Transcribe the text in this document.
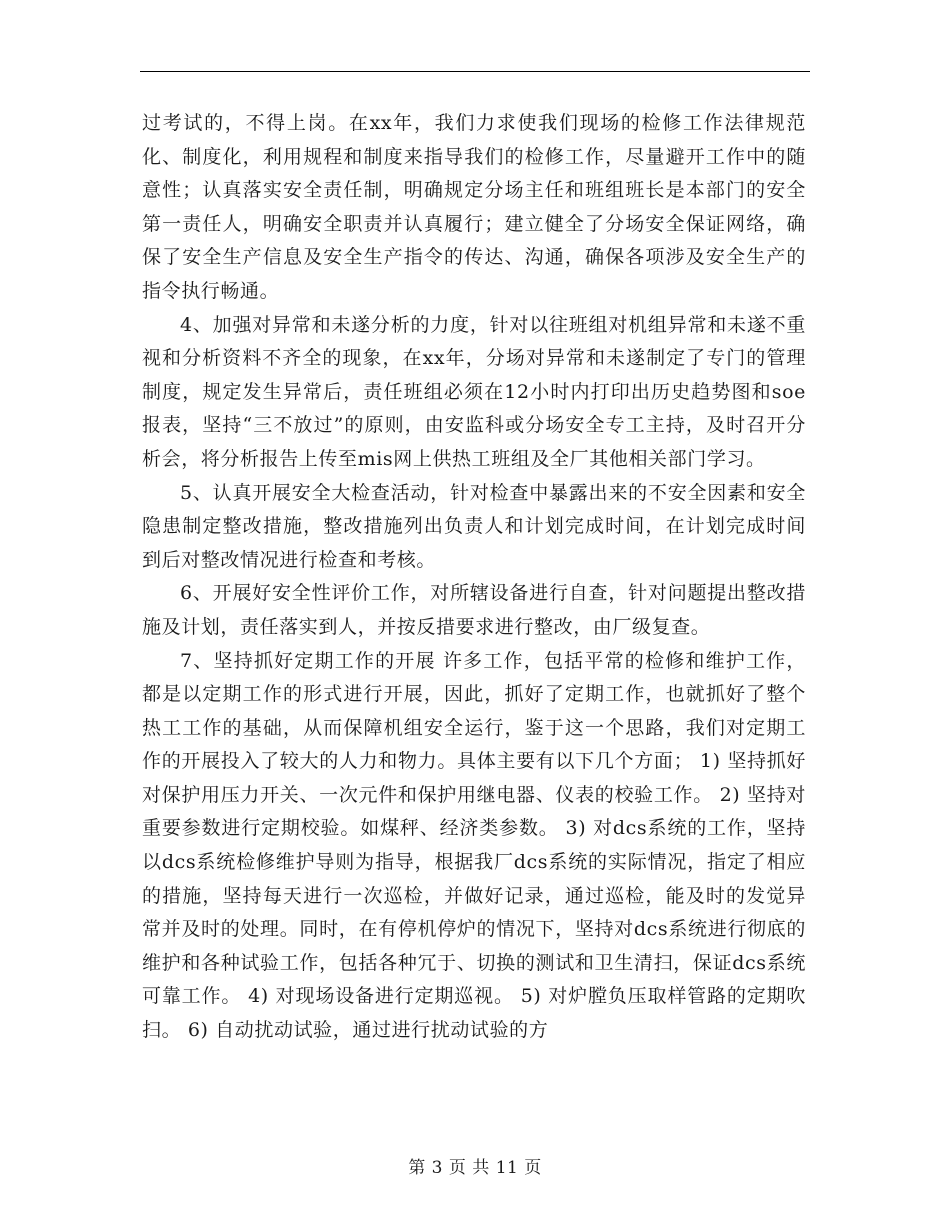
过考试的，不得上岗。在xx年，我们力求使我们现场的检修工作法律规范化、制度化，利用规程和制度来指导我们的检修工作，尽量避开工作中的随意性；认真落实安全责任制，明确规定分场主任和班组班长是本部门的安全第一责任人，明确安全职责并认真履行；建立健全了分场安全保证网络，确保了安全生产信息及安全生产指令的传达、沟通，确保各项涉及安全生产的指令执行畅通。

4、加强对异常和未遂分析的力度，针对以往班组对机组异常和未遂不重视和分析资料不齐全的现象，在xx年，分场对异常和未遂制定了专门的管理制度，规定发生异常后，责任班组必须在12小时内打印出历史趋势图和soe报表，坚持“三不放过”的原则，由安监科或分场安全专工主持，及时召开分析会，将分析报告上传至mis网上供热工班组及全厂其他相关部门学习。

5、认真开展安全大检查活动，针对检查中暴露出来的不安全因素和安全隐患制定整改措施，整改措施列出负责人和计划完成时间，在计划完成时间到后对整改情况进行检查和考核。

6、开展好安全性评价工作，对所辖设备进行自查，针对问题提出整改措施及计划，责任落实到人，并按反措要求进行整改，由厂级复查。

7、坚持抓好定期工作的开展 许多工作，包括平常的检修和维护工作，都是以定期工作的形式进行开展，因此，抓好了定期工作，也就抓好了整个热工工作的基础，从而保障机组安全运行，鉴于这一个思路，我们对定期工作的开展投入了较大的人力和物力。具体主要有以下几个方面； 1) 坚持抓好对保护用压力开关、一次元件和保护用继电器、仪表的校验工作。 2) 坚持对重要参数进行定期校验。如煤秤、经济类参数。 3) 对dcs系统的工作，坚持以dcs系统检修维护导则为指导，根据我厂dcs系统的实际情况，指定了相应的措施，坚持每天进行一次巡检，并做好记录，通过巡检，能及时的发觉异常并及时的处理。同时，在有停机停炉的情况下，坚持对dcs系统进行彻底的维护和各种试验工作，包括各种冗于、切换的测试和卫生清扫，保证dcs系统可靠工作。 4) 对现场设备进行定期巡视。 5) 对炉膛负压取样管路的定期吹扫。 6) 自动扰动试验，通过进行扰动试验的方

第 3 页 共 11 页
